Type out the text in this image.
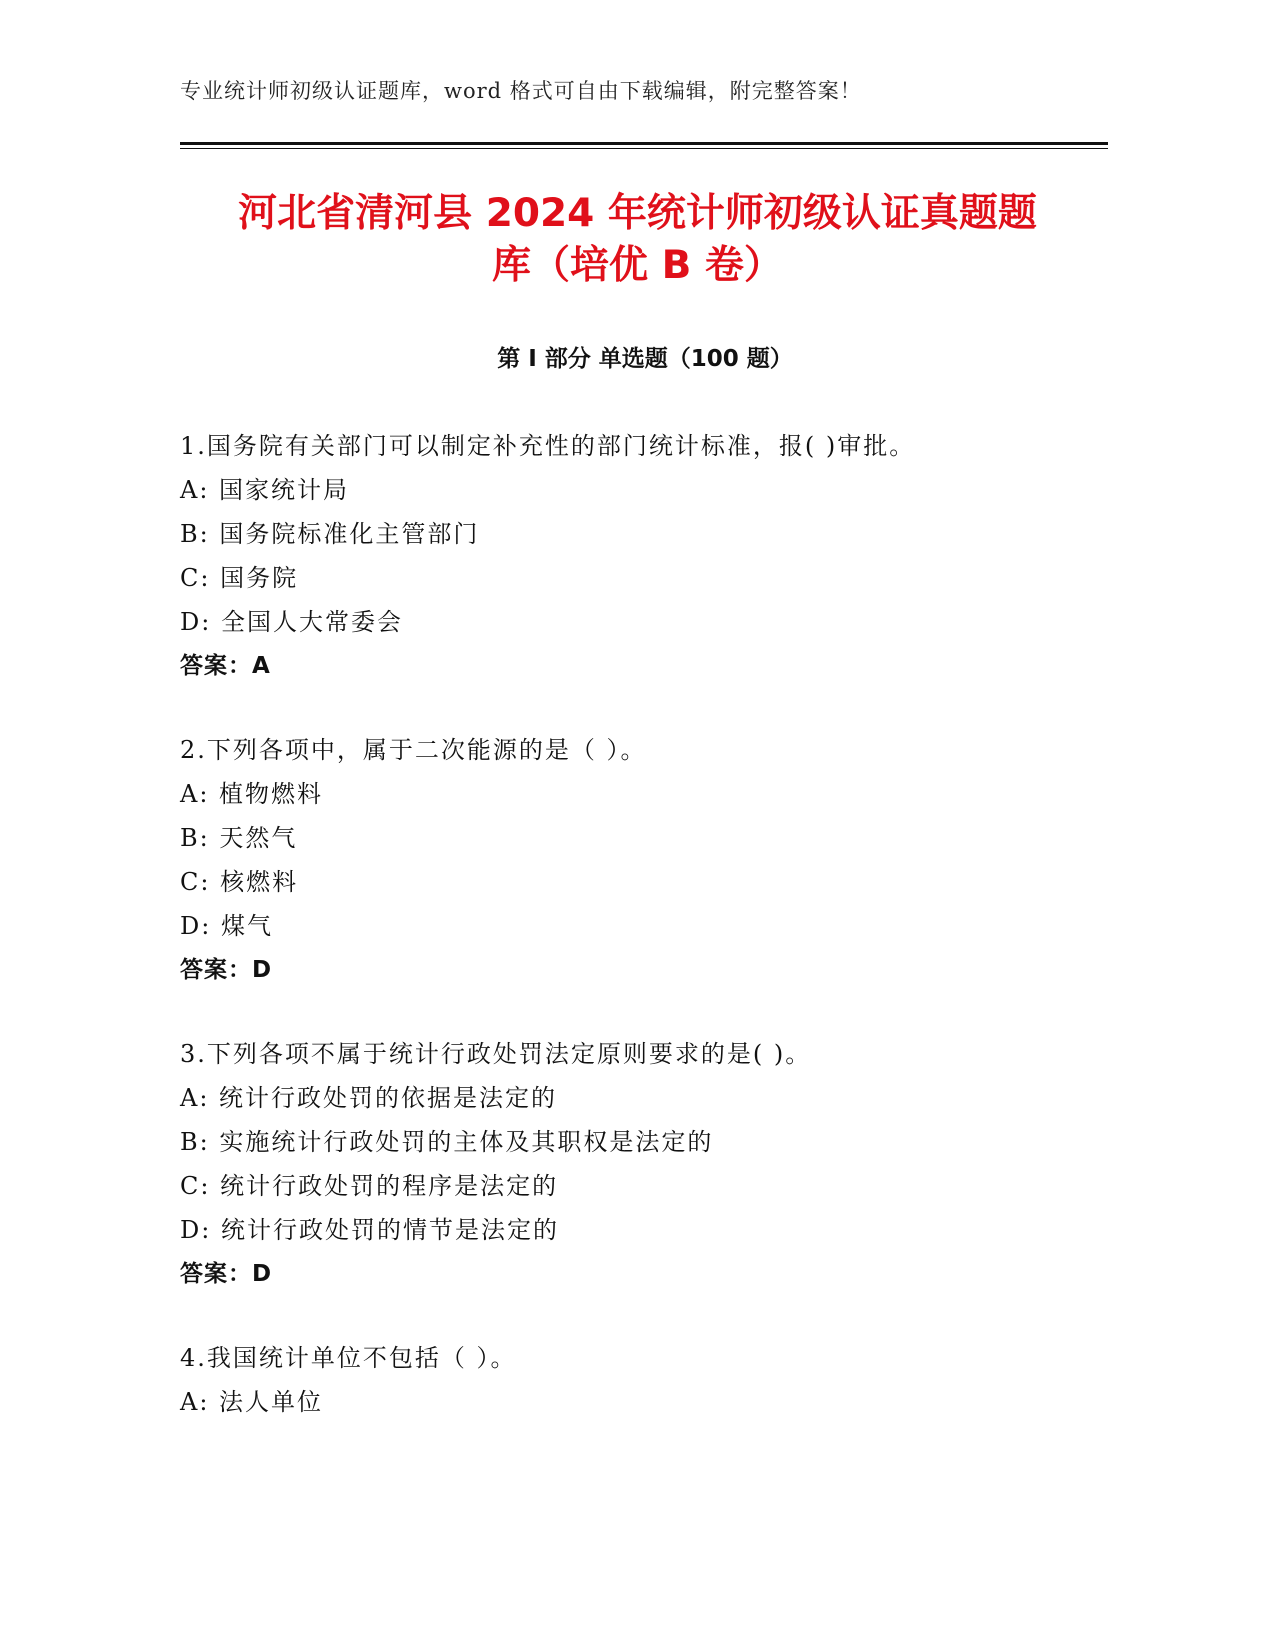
专业统计师初级认证题库，word 格式可自由下载编辑，附完整答案！
河北省清河县 2024 年统计师初级认证真题题
库（培优 B 卷）
第 I 部分 单选题（100 题）
1.国务院有关部门可以制定补充性的部门统计标准，报( )审批。
A: 国家统计局
B: 国务院标准化主管部门
C: 国务院
D: 全国人大常委会
答案：A
2.下列各项中，属于二次能源的是（ ）。
A: 植物燃料
B: 天然气
C: 核燃料
D: 煤气
答案：D
3.下列各项不属于统计行政处罚法定原则要求的是( )。
A: 统计行政处罚的依据是法定的
B: 实施统计行政处罚的主体及其职权是法定的
C: 统计行政处罚的程序是法定的
D: 统计行政处罚的情节是法定的
答案：D
4.我国统计单位不包括（ ）。
A: 法人单位
